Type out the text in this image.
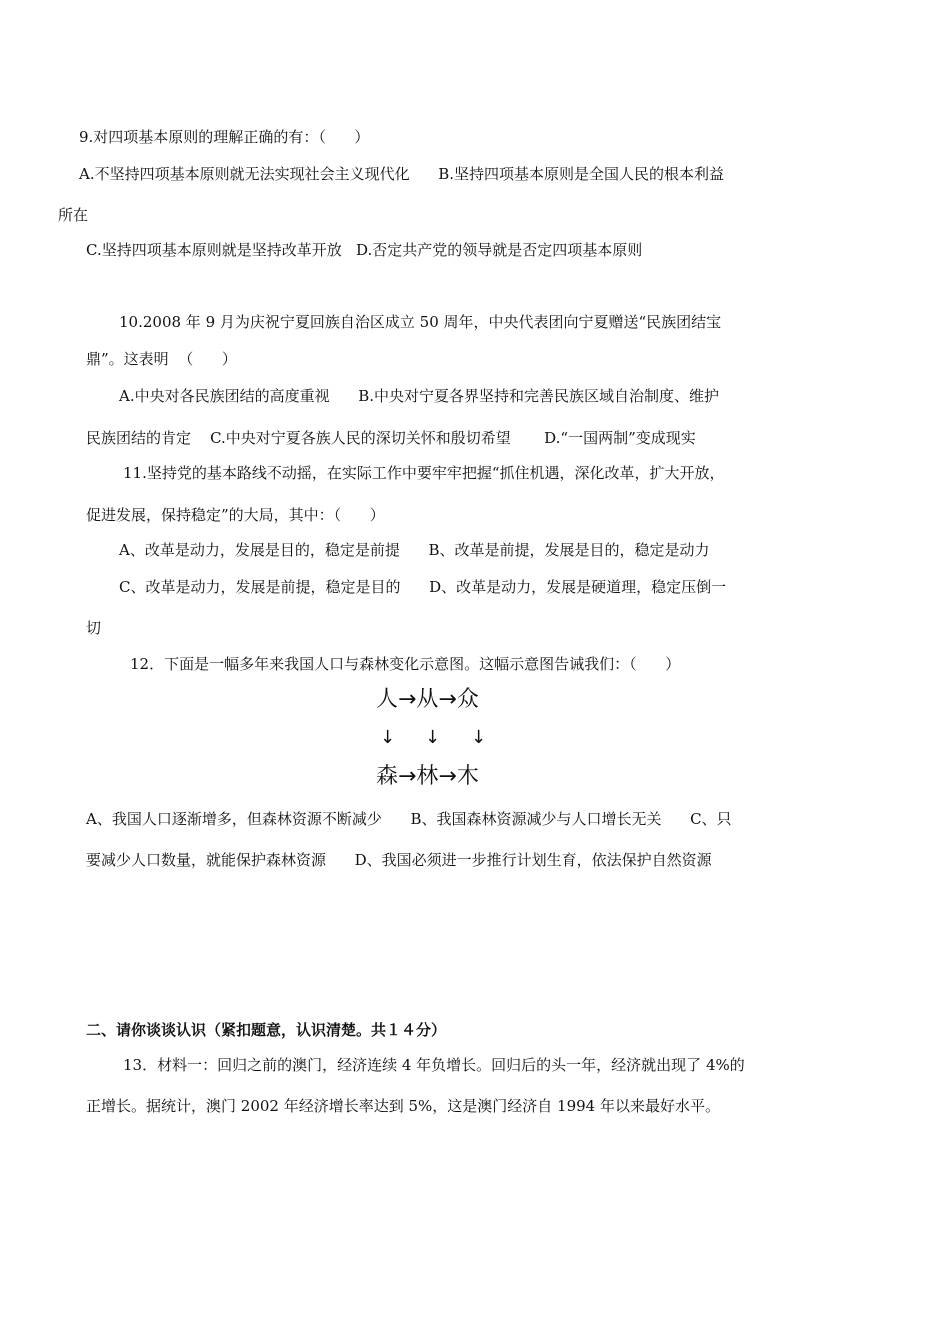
9.对四项基本原则的理解正确的有：（      ）
A.不坚持四项基本原则就无法实现社会主义现代化      B.坚持四项基本原则是全国人民的根本利益
所在
C.坚持四项基本原则就是坚持改革开放   D.否定共产党的领导就是否定四项基本原则
10.2008 年 9 月为庆祝宁夏回族自治区成立 50 周年，中央代表团向宁夏赠送“民族团结宝
鼎”。这表明  （      ）
A.中央对各民族团结的高度重视      B.中央对宁夏各界坚持和完善民族区域自治制度、维护
民族团结的肯定    C.中央对宁夏各族人民的深切关怀和殷切希望       D.“一国两制”变成现实
11.坚持党的基本路线不动摇，在实际工作中要牢牢把握“抓住机遇，深化改革，扩大开放，
促进发展，保持稳定”的大局，其中：（      ）
A、改革是动力，发展是目的，稳定是前提      B、改革是前提，发展是目的，稳定是动力
C、改革是动力，发展是前提，稳定是目的      D、改革是动力，发展是硬道理，稳定压倒一
切
12．下面是一幅多年来我国人口与森林变化示意图。这幅示意图告诫我们：（      ）
人→从→众
↓ ↓ ↓
森→林→木
A、我国人口逐渐增多，但森林资源不断减少      B、我国森林资源减少与人口增长无关      C、只
要减少人口数量，就能保护森林资源      D、我国必须进一步推行计划生育，依法保护自然资源
二、请你谈谈认识（紧扣题意，认识清楚。共１４分）
13．材料一：回归之前的澳门，经济连续 4 年负增长。回归后的头一年，经济就出现了 4%的
正增长。据统计，澳门 2002 年经济增长率达到 5%，这是澳门经济自 1994 年以来最好水平。
